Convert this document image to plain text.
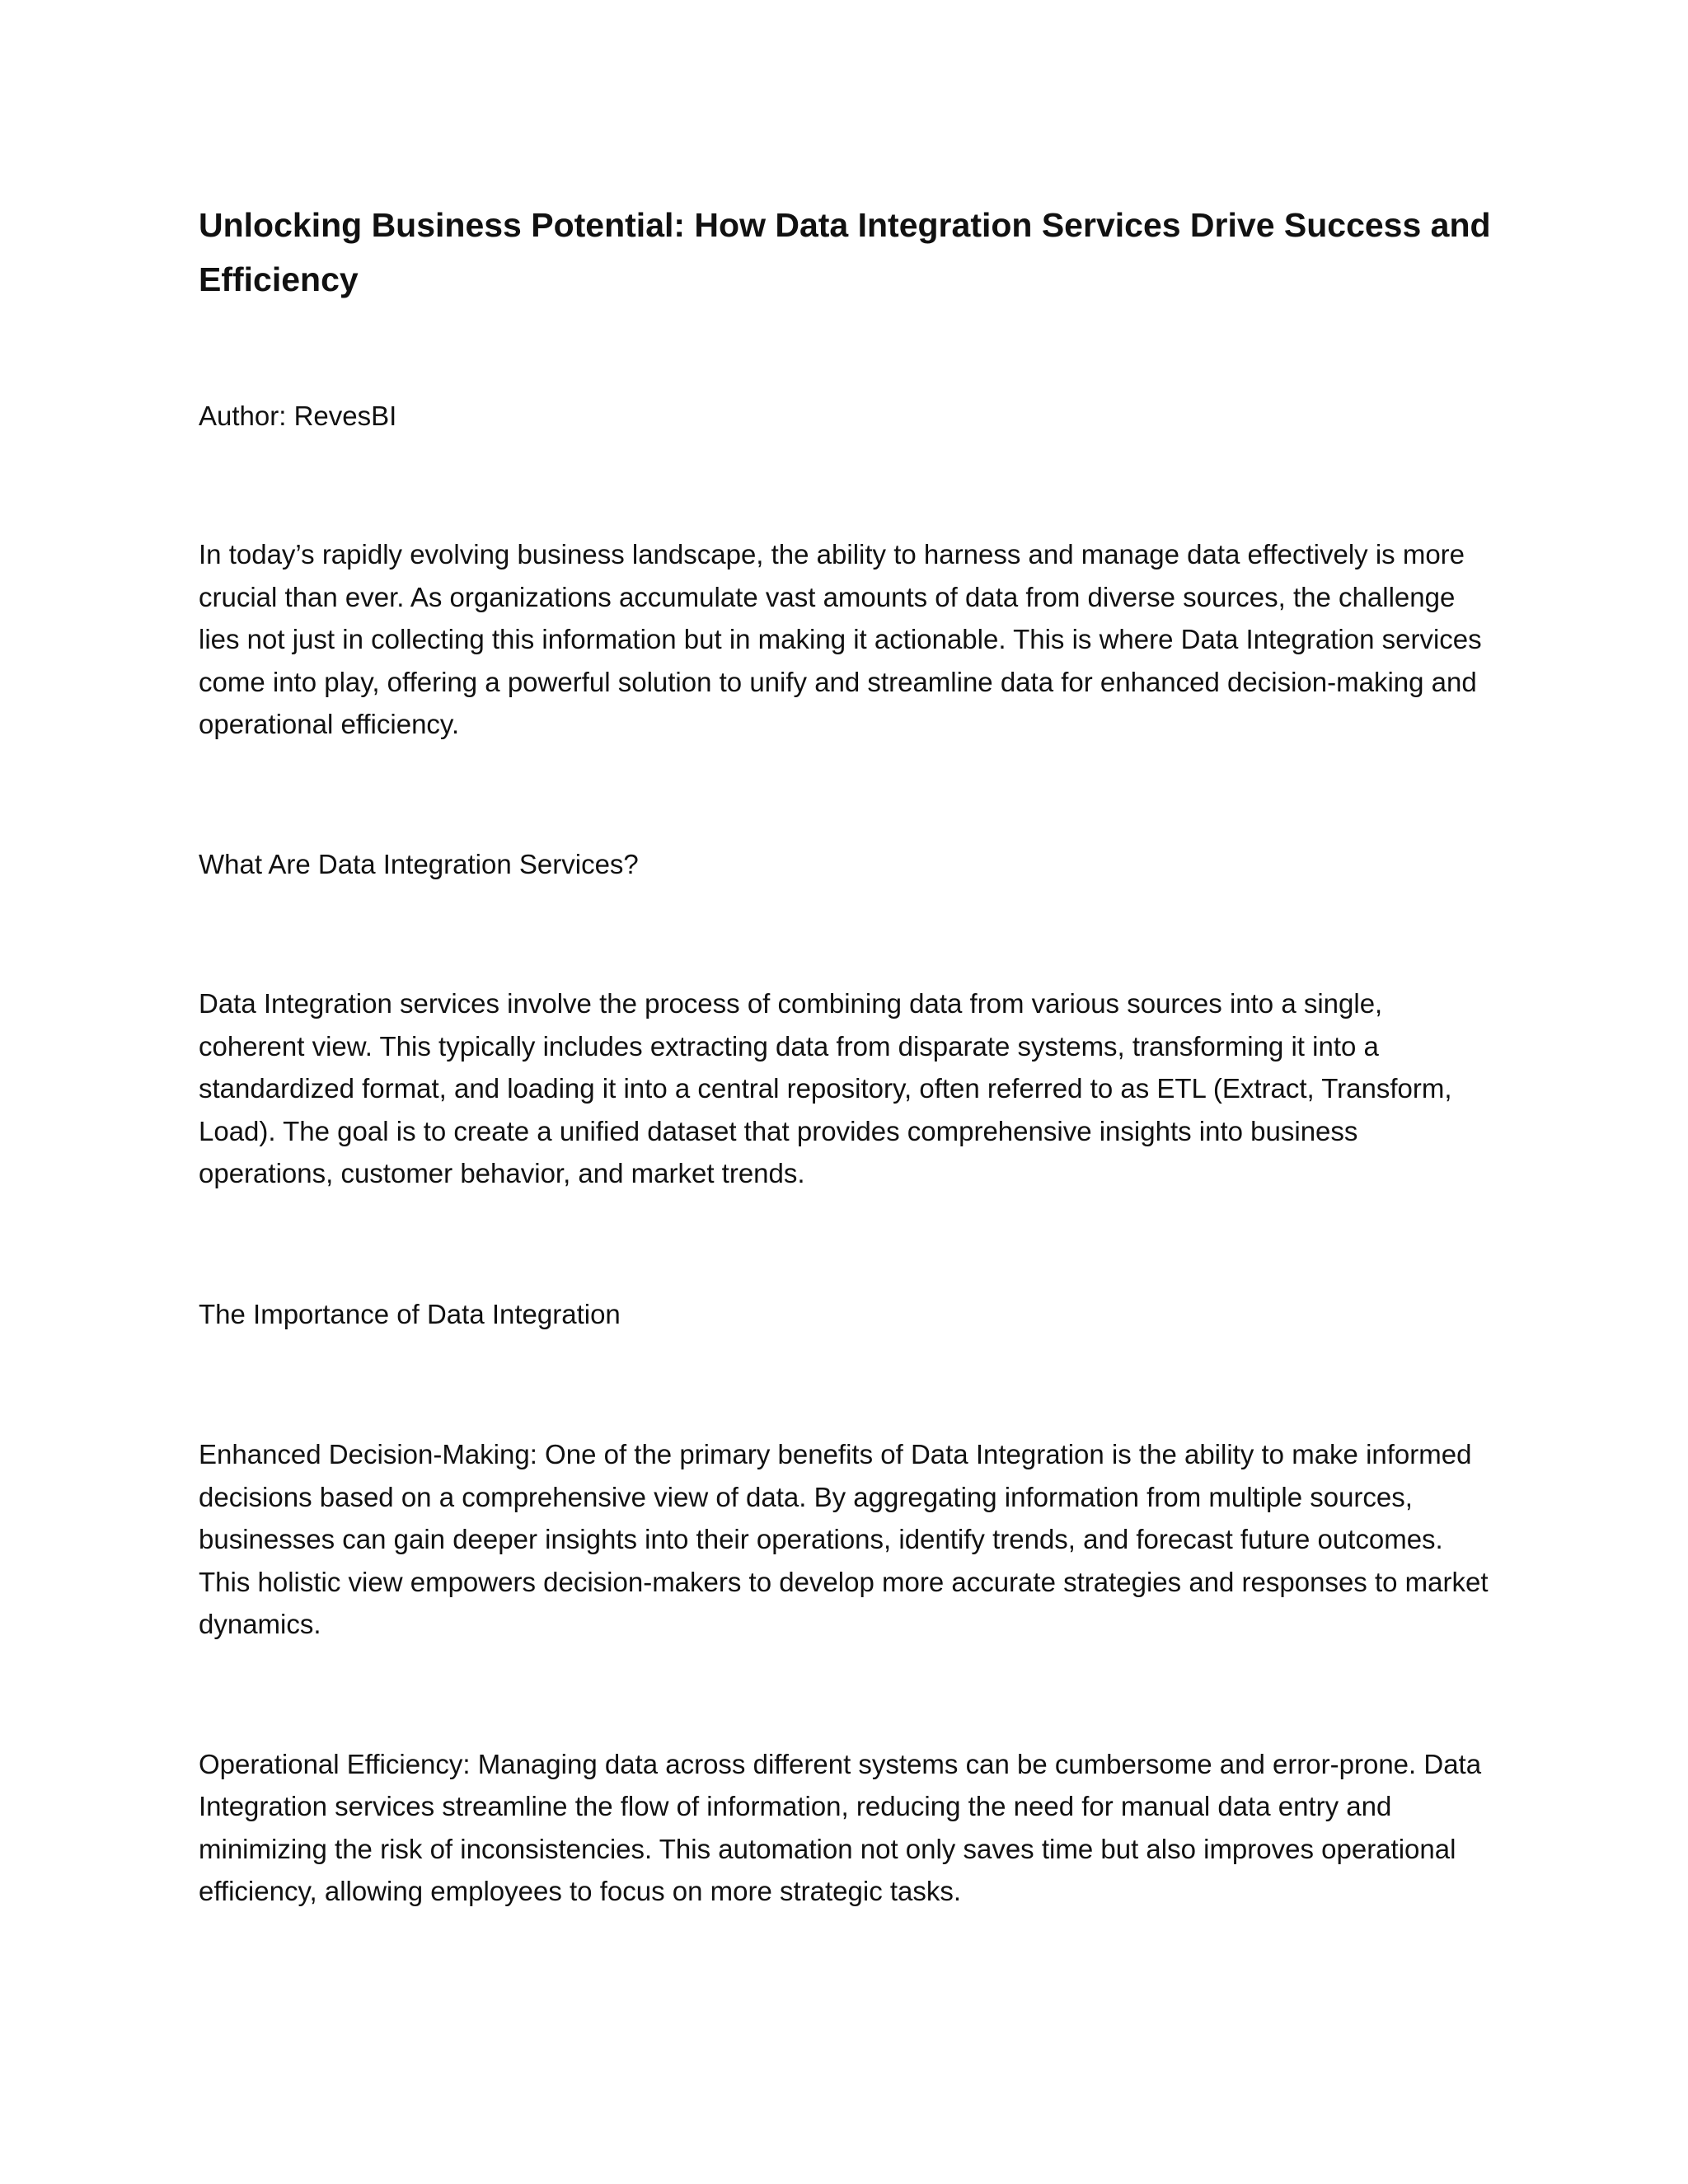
Unlocking Business Potential: How Data Integration Services Drive Success and Efficiency

Author: RevesBI

In today’s rapidly evolving business landscape, the ability to harness and manage data effectively is more crucial than ever. As organizations accumulate vast amounts of data from diverse sources, the challenge lies not just in collecting this information but in making it actionable. This is where Data Integration services come into play, offering a powerful solution to unify and streamline data for enhanced decision-making and operational efficiency.

What Are Data Integration Services?

Data Integration services involve the process of combining data from various sources into a single, coherent view. This typically includes extracting data from disparate systems, transforming it into a standardized format, and loading it into a central repository, often referred to as ETL (Extract, Transform, Load). The goal is to create a unified dataset that provides comprehensive insights into business operations, customer behavior, and market trends.

The Importance of Data Integration

Enhanced Decision-Making: One of the primary benefits of Data Integration is the ability to make informed decisions based on a comprehensive view of data. By aggregating information from multiple sources, businesses can gain deeper insights into their operations, identify trends, and forecast future outcomes. This holistic view empowers decision-makers to develop more accurate strategies and responses to market dynamics.

Operational Efficiency: Managing data across different systems can be cumbersome and error-prone. Data Integration services streamline the flow of information, reducing the need for manual data entry and minimizing the risk of inconsistencies. This automation not only saves time but also improves operational efficiency, allowing employees to focus on more strategic tasks.
